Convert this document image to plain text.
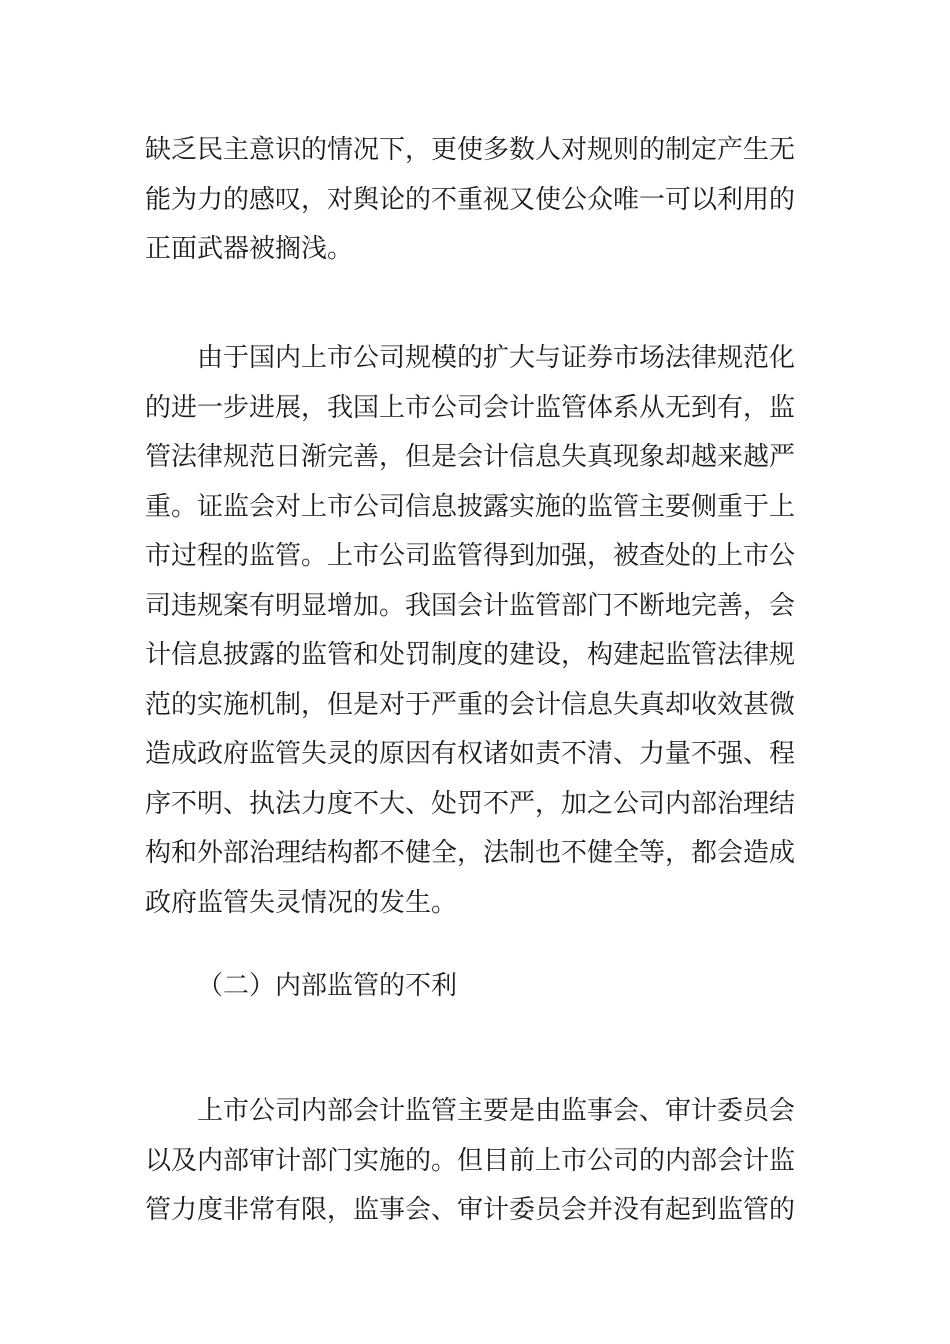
缺乏民主意识的情况下，更使多数人对规则的制定产生无
能为力的感叹，对舆论的不重视又使公众唯一可以利用的
正面武器被搁浅。
由于国内上市公司规模的扩大与证券市场法律规范化
的进一步进展，我国上市公司会计监管体系从无到有，监
管法律规范日渐完善，但是会计信息失真现象却越来越严
重。证监会对上市公司信息披露实施的监管主要侧重于上
市过程的监管。上市公司监管得到加强，被查处的上市公
司违规案有明显增加。我国会计监管部门不断地完善，会
计信息披露的监管和处罚制度的建设，构建起监管法律规
范的实施机制，但是对于严重的会计信息失真却收效甚微
造成政府监管失灵的原因有权诸如责不清、力量不强、程
序不明、执法力度不大、处罚不严，加之公司内部治理结
构和外部治理结构都不健全，法制也不健全等，都会造成
政府监管失灵情况的发生。
（二）内部监管的不利
上市公司内部会计监管主要是由监事会、审计委员会
以及内部审计部门实施的。但目前上市公司的内部会计监
管力度非常有限，监事会、审计委员会并没有起到监管的
